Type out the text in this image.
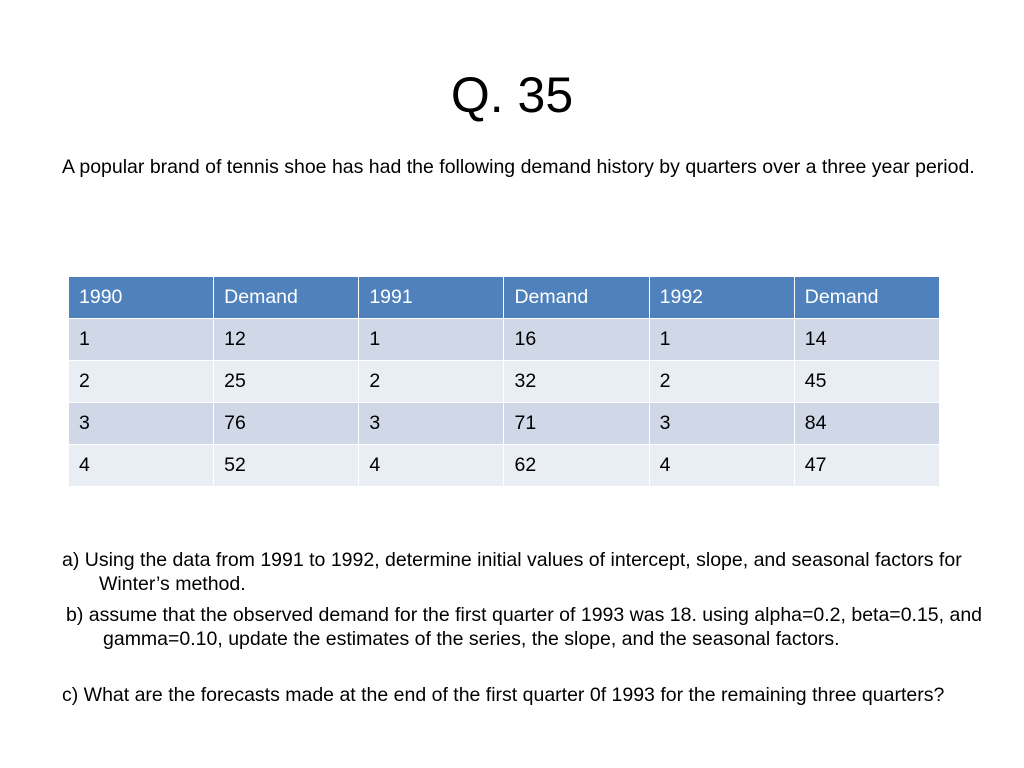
Q. 35

A popular brand of tennis shoe has had the following demand history by quarters over a three year period.

1990	Demand	1991	Demand	1992	Demand
1	12	1	16	1	14
2	25	2	32	2	45
3	76	3	71	3	84
4	52	4	62	4	47

a) Using the data from 1991 to 1992, determine initial values of intercept, slope, and seasonal factors for Winter’s method.

b) assume that the observed demand for the first quarter of 1993 was 18. using alpha=0.2, beta=0.15, and gamma=0.10, update the estimates of the series, the slope, and the seasonal factors.

c) What are the forecasts made at the end of the first quarter 0f 1993 for the remaining three quarters?
